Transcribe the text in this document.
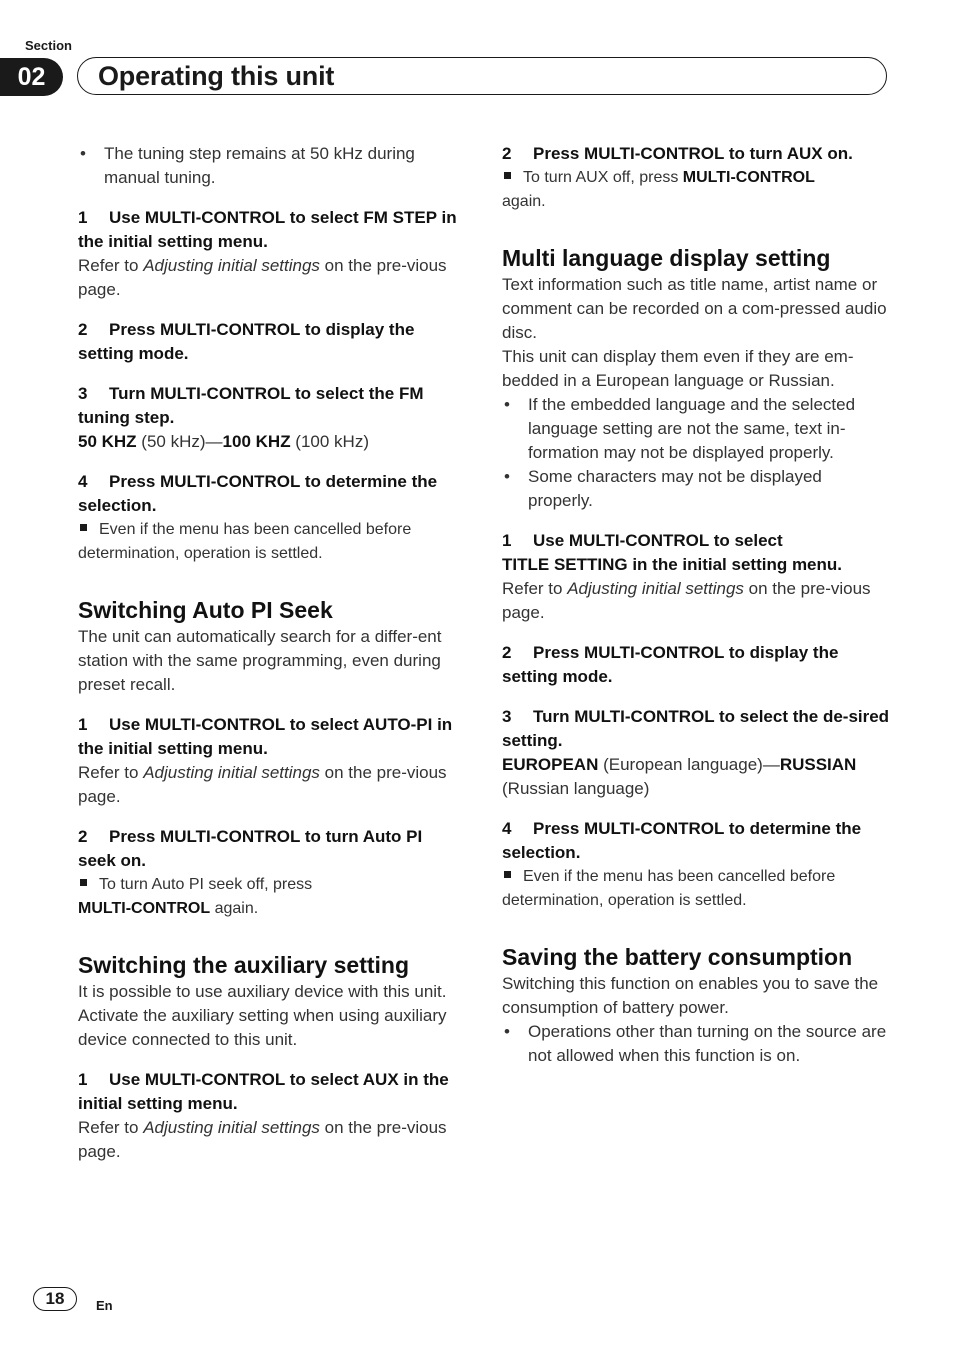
Section
02	Operating this unit

• The tuning step remains at 50 kHz during manual tuning.

1 Use MULTI-CONTROL to select FM STEP in the initial setting menu.

Refer to Adjusting initial settings on the pre-vious page.

2 Press MULTI-CONTROL to display the setting mode.

3 Turn MULTI-CONTROL to select the FM tuning step.

50 KHZ (50 kHz)—100 KHZ (100 kHz)

4 Press MULTI-CONTROL to determine the selection.

Even if the menu has been cancelled before determination, operation is settled.

Switching Auto PI Seek

The unit can automatically search for a differ-ent station with the same programming, even during preset recall.

1 Use MULTI-CONTROL to select AUTO-PI in the initial setting menu.

Refer to Adjusting initial settings on the pre-vious page.

2 Press MULTI-CONTROL to turn Auto PI seek on.

To turn Auto PI seek off, press
MULTI-CONTROL again.

Switching the auxiliary setting

It is possible to use auxiliary device with this unit. Activate the auxiliary setting when using auxiliary device connected to this unit.

1 Use MULTI-CONTROL to select AUX in the initial setting menu.

Refer to Adjusting initial settings on the pre-vious page.

2 Press MULTI-CONTROL to turn AUX on.

To turn AUX off, press MULTI-CONTROL
again.

Multi language display setting

Text information such as title name, artist name or comment can be recorded on a com-pressed audio disc.

This unit can display them even if they are em-bedded in a European language or Russian.

• If the embedded language and the selected language setting are not the same, text in-formation may not be displayed properly.

• Some characters may not be displayed properly.

1 Use MULTI-CONTROL to select
TITLE SETTING in the initial setting menu.

Refer to Adjusting initial settings on the pre-vious page.

2 Press MULTI-CONTROL to display the setting mode.

3 Turn MULTI-CONTROL to select the de-sired setting.

EUROPEAN (European language)—RUSSIAN
(Russian language)

4 Press MULTI-CONTROL to determine the selection.

Even if the menu has been cancelled before determination, operation is settled.

Saving the battery consumption

Switching this function on enables you to save the consumption of battery power.

• Operations other than turning on the source are not allowed when this function is on.

18	En
